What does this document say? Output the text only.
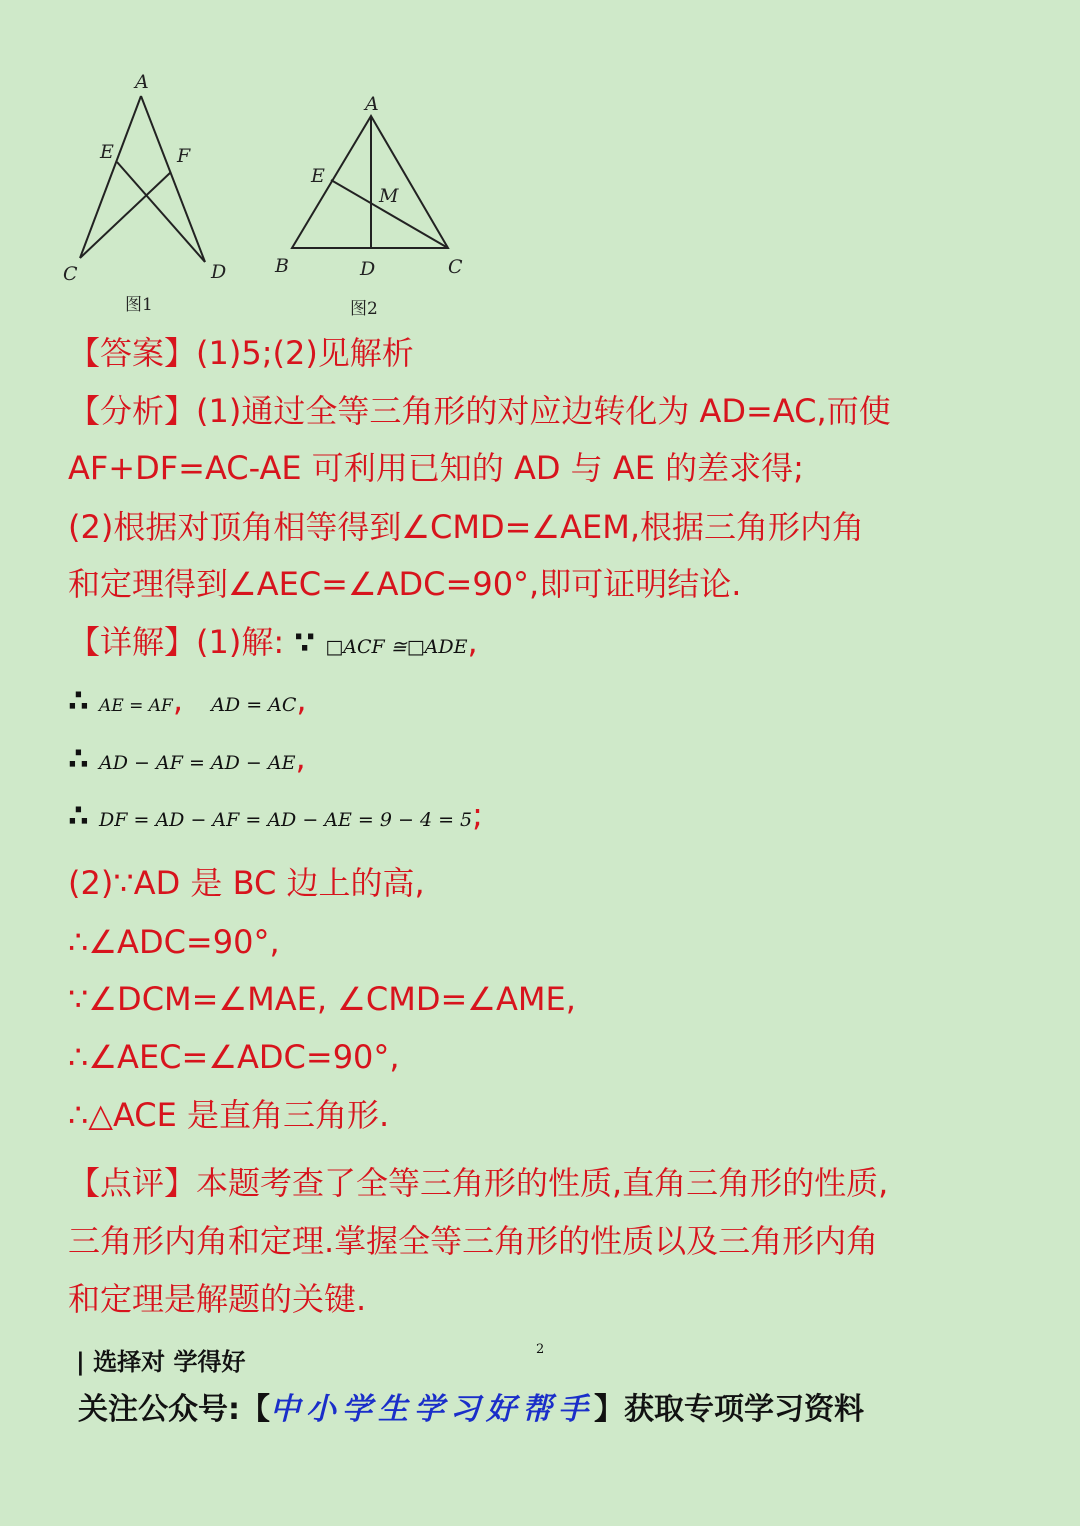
A
E	F
C	D
图1
A
E
M
B	D	C
图2
【答案】(1)5;(2)见解析
【分析】(1)通过全等三角形的对应边转化为 AD=AC,而使
AF+DF=AC-AE 可利用已知的 AD 与 AE 的差求得;
(2)根据对顶角相等得到∠CMD=∠AEM,根据三角形内角
和定理得到∠AEC=∠ADC=90°,即可证明结论.
【详解】(1)解: ∵ □ACF ≅□ADE,
∴ AE = AF, AD = AC,
∴ AD − AF = AD − AE,
∴ DF = AD − AF = AD − AE = 9 − 4 = 5;
(2)∵AD 是 BC 边上的高,
∴∠ADC=90°,
∵∠DCM=∠MAE, ∠CMD=∠AME,
∴∠AEC=∠ADC=90°,
∴△ACE 是直角三角形.
【点评】本题考查了全等三角形的性质,直角三角形的性质,
三角形内角和定理.掌握全等三角形的性质以及三角形内角
和定理是解题的关键.
| 选择对 学得好	2
关注公众号:【中小学生学习好帮手】获取专项学习资料
